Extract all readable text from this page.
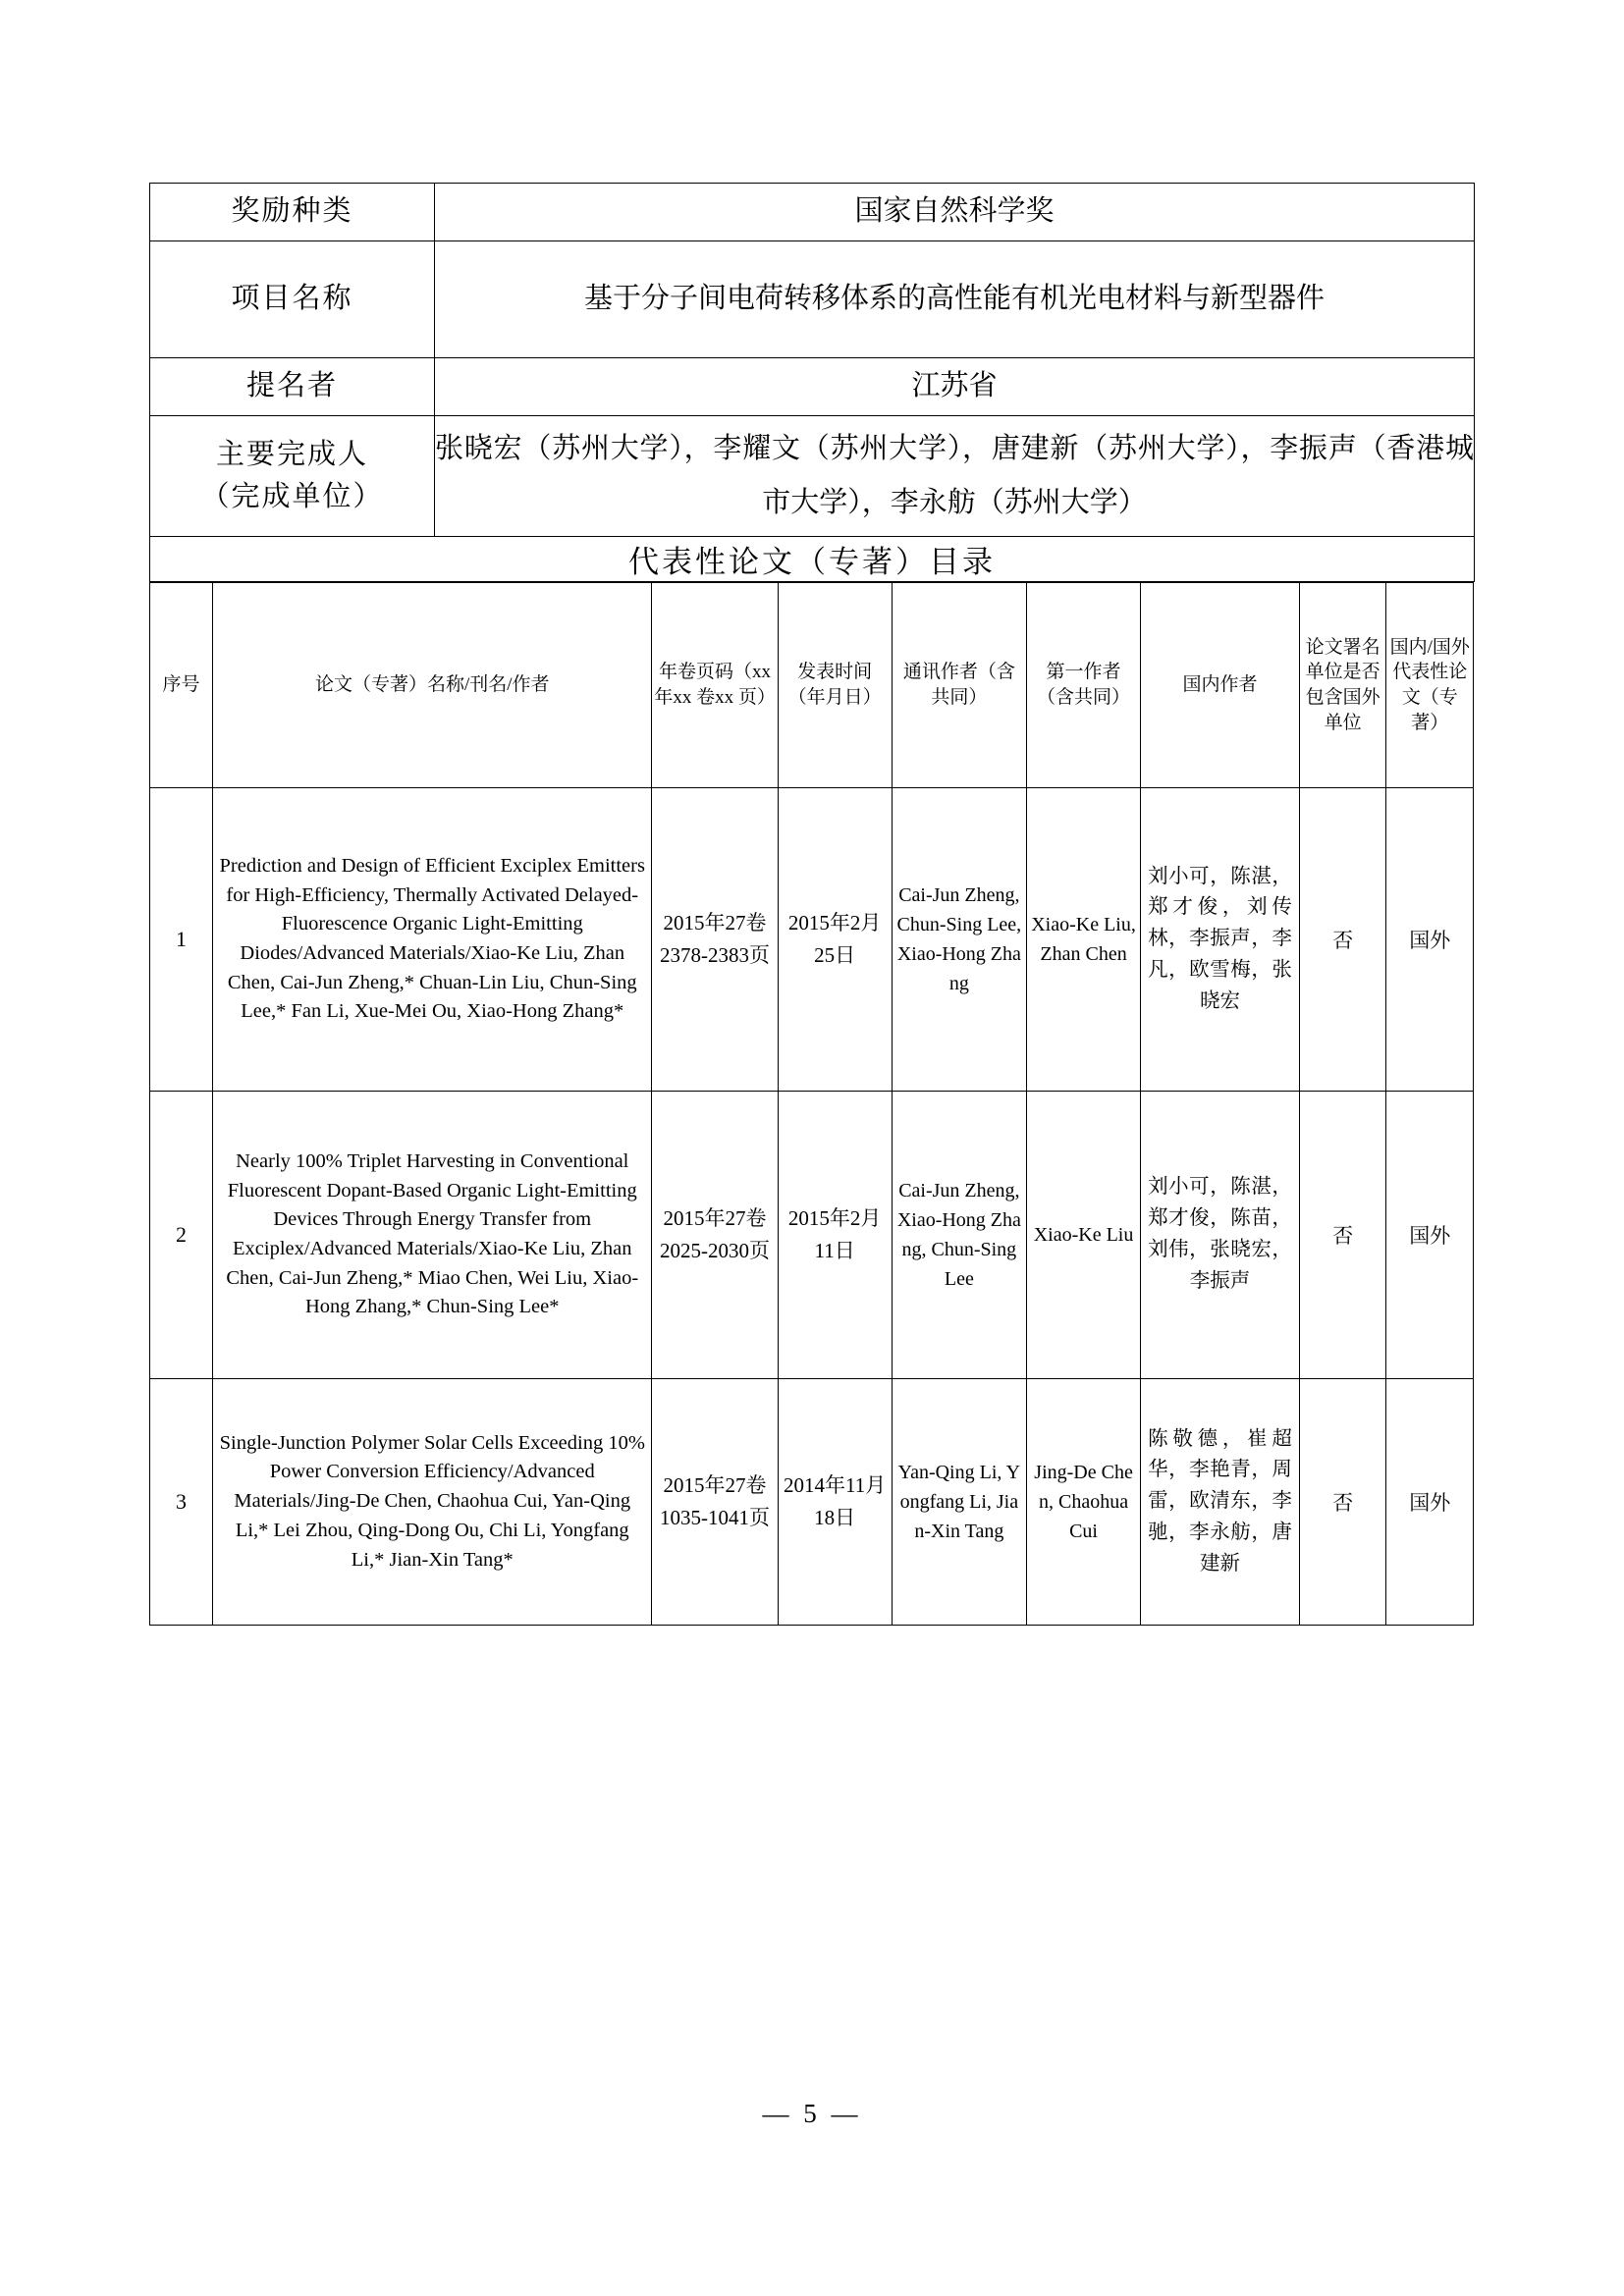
奖励种类	国家自然科学奖
项目名称	基于分子间电荷转移体系的高性能有机光电材料与新型器件
提名者	江苏省

主要完成人
（完成单位）	张晓宏（苏州大学），李耀文（苏州大学），唐建新（苏州大学），李振声（香港城市大学），李永舫（苏州大学）
代表性论文（专著）目录	
序号	论文（专著）名称/刊名/作者	年卷页码（xx年xx 卷xx 页）	发表时间（年月日）	通讯作者（含共同）	第一作者（含共同）	国内作者	论文署名单位是否包含国外单位	国内/国外代表性论文（专著）
1	Prediction and Design of Efficient Exciplex Emitters for High-Efficiency, Thermally Activated Delayed-Fluorescence Organic Light-Emitting Diodes/Advanced Materials/Xiao-Ke Liu, Zhan Chen, Cai-Jun Zheng,* Chuan-Lin Liu, Chun-Sing Lee,* Fan Li, Xue-Mei Ou, Xiao-Hong Zhang*	2015年27卷2378-2383页	2015年2月25日	Cai-Jun Zheng, Chun-Sing Lee, Xiao-Hong Zhang	Xiao-Ke Liu, Zhan Chen	刘小可，陈湛，郑才俊，刘传林，李振声，李凡，欧雪梅，张晓宏	否	国外
2	Nearly 100% Triplet Harvesting in Conventional Fluorescent Dopant-Based Organic Light-Emitting Devices Through Energy Transfer from Exciplex/Advanced Materials/Xiao-Ke Liu, Zhan Chen, Cai-Jun Zheng,* Miao Chen, Wei Liu, Xiao-Hong Zhang,* Chun-Sing Lee*	2015年27卷2025-2030页	2015年2月11日	Cai-Jun Zheng, Xiao-Hong Zhang, Chun-Sing Lee	Xiao-Ke Liu	刘小可，陈湛，郑才俊，陈苗，刘伟，张晓宏，李振声	否	国外
3	Single-Junction Polymer Solar Cells Exceeding 10% Power Conversion Efficiency/Advanced Materials/Jing-De Chen, Chaohua Cui, Yan-Qing Li,* Lei Zhou, Qing-Dong Ou, Chi Li, Yongfang Li,* Jian-Xin Tang*	2015年27卷1035-1041页	2014年11月18日	Yan-Qing Li, Yongfang Li, Jian-Xin Tang	Jing-De Chen, Chaohua Cui	陈敬德，崔超华，李艳青，周雷，欧清东，李驰，李永舫，唐建新	否	国外
— 5 —
